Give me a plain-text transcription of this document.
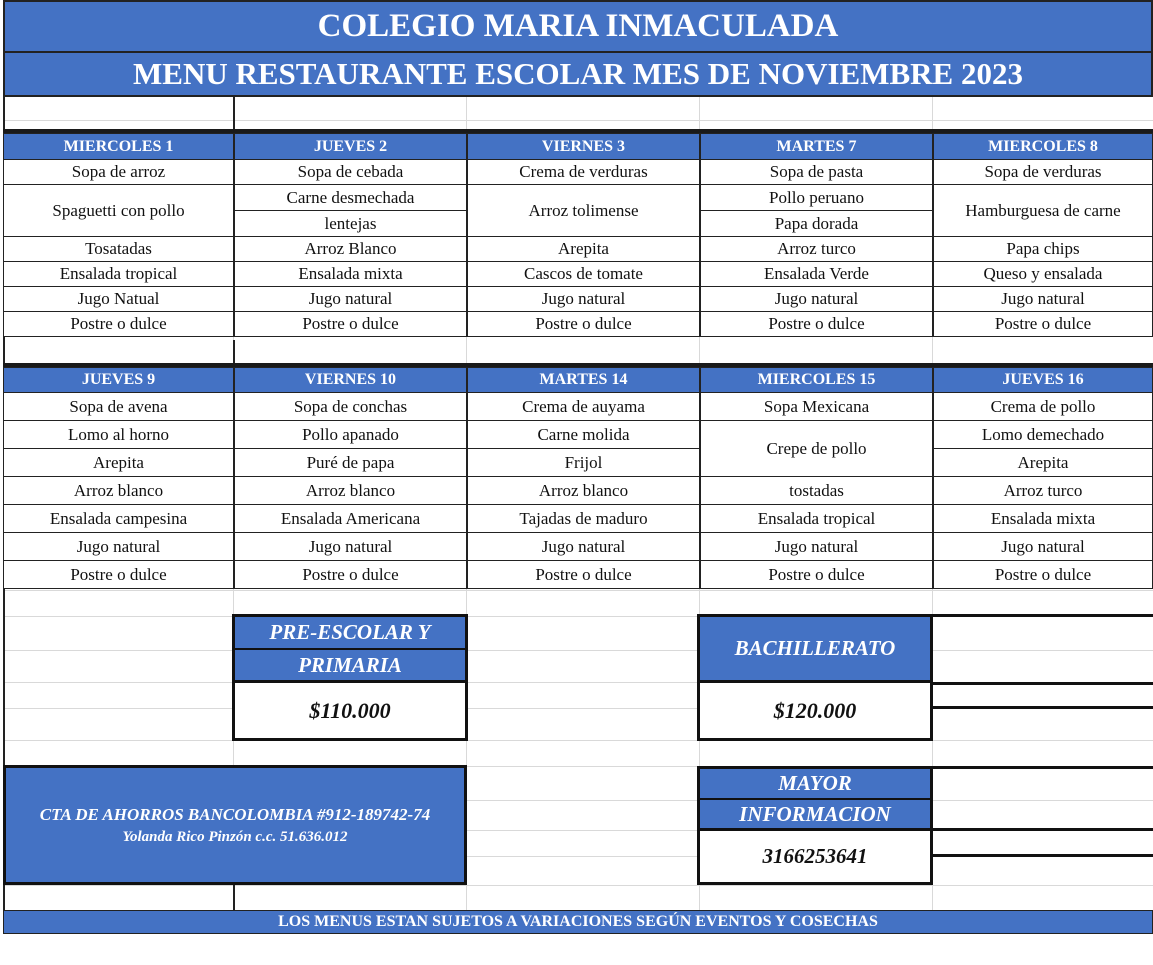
COLEGIO MARIA INMACULADA
MENU RESTAURANTE ESCOLAR MES DE NOVIEMBRE 2023
MIERCOLES 1
Sopa de arroz
Spaguetti con pollo
Tosatadas
Ensalada tropical
Jugo Natual
Postre o dulce
JUEVES 2
Sopa de cebada
Carne desmechada
lentejas
Arroz Blanco
Ensalada mixta
Jugo natural
Postre o dulce
VIERNES 3
Crema de verduras
Arroz tolimense
Arepita
Cascos de tomate
Jugo natural
Postre o dulce
MARTES 7
Sopa de pasta
Pollo peruano
Papa dorada
Arroz turco
Ensalada Verde
Jugo natural
Postre o dulce
MIERCOLES 8
Sopa de verduras
Hamburguesa de carne
Papa chips
Queso y ensalada
Jugo natural
Postre o dulce
JUEVES 9
Sopa de avena
Lomo al horno
Arepita
Arroz blanco
Ensalada campesina
Jugo natural
Postre o dulce
VIERNES 10
Sopa de conchas
Pollo apanado
Puré de papa
Arroz blanco
Ensalada Americana
Jugo natural
Postre o dulce
MARTES 14
Crema de auyama
Carne molida
Frijol
Arroz blanco
Tajadas de maduro
Jugo natural
Postre o dulce
MIERCOLES 15
Sopa Mexicana
Crepe de pollo
tostadas
Ensalada tropical
Jugo natural
Postre o dulce
JUEVES 16
Crema de pollo
Lomo demechado
Arepita
Arroz turco
Ensalada mixta
Jugo natural
Postre o dulce
PRE-ESCOLAR Y
PRIMARIA
$110.000
BACHILLERATO
$120.000
CTA DE AHORROS BANCOLOMBIA #912-189742-74
Yolanda Rico Pinzón c.c. 51.636.012
MAYOR
INFORMACION
3166253641
LOS MENUS ESTAN SUJETOS A VARIACIONES SEGÚN EVENTOS Y COSECHAS
